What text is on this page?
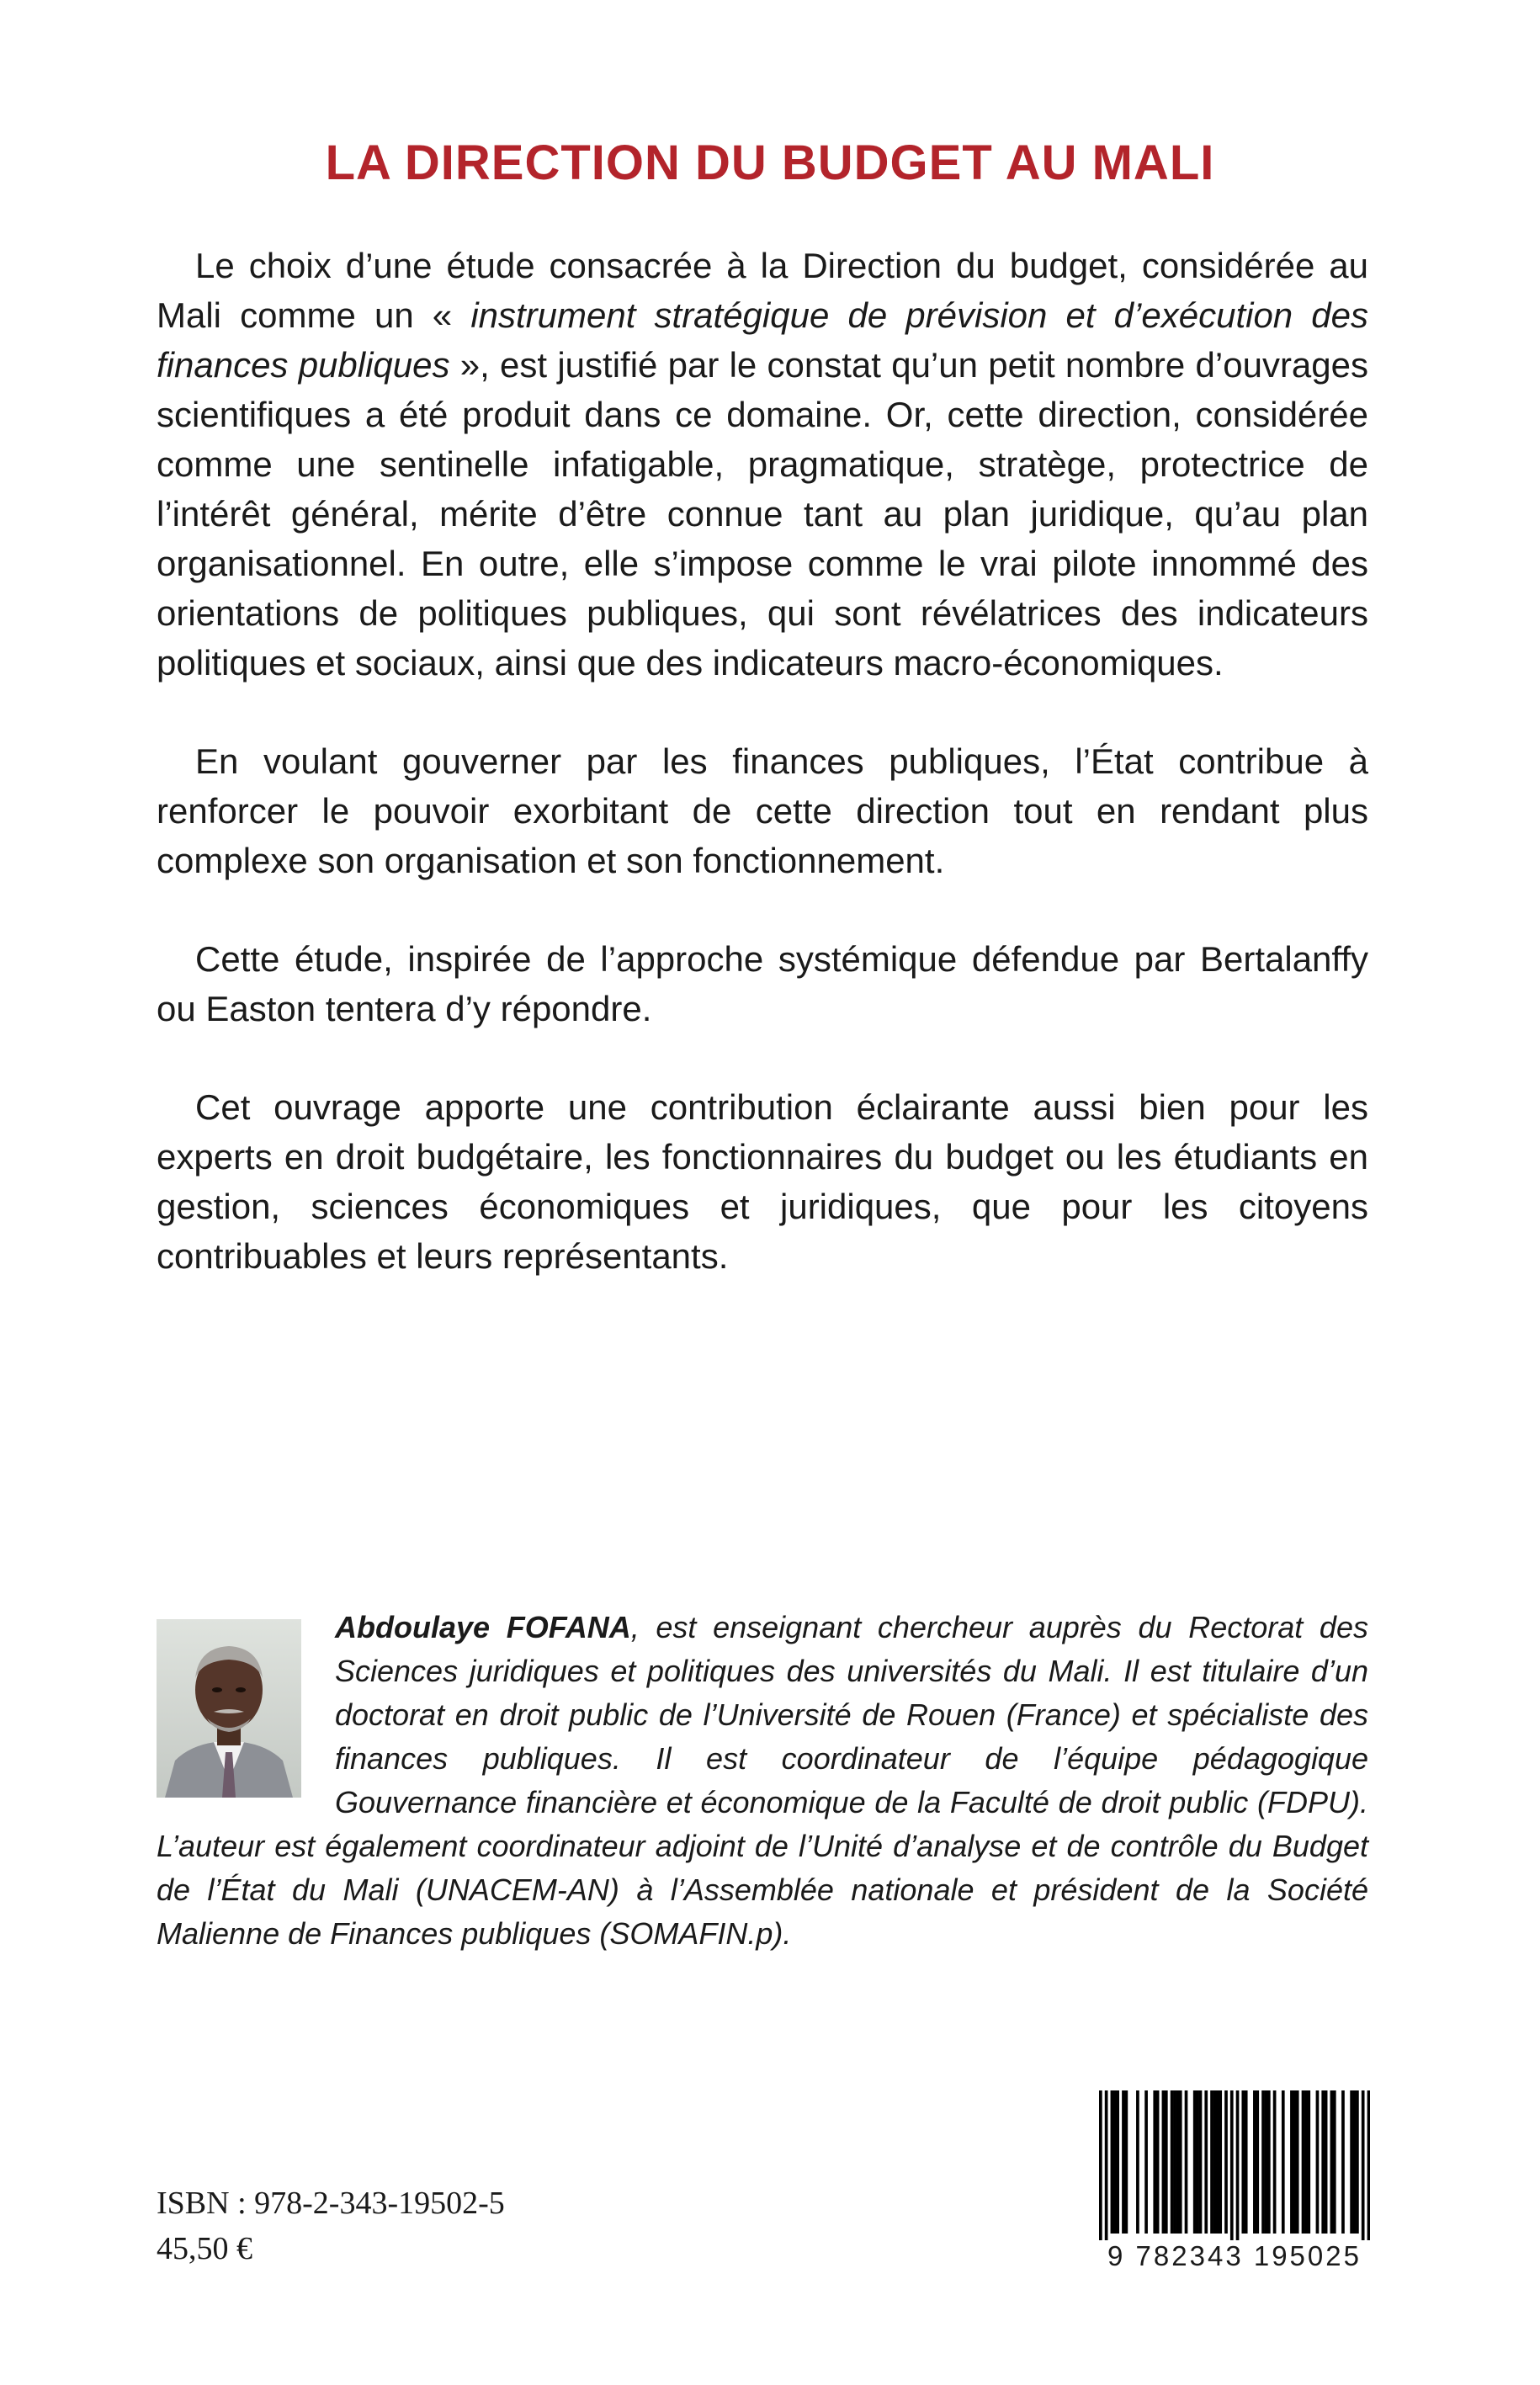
LA DIRECTION DU BUDGET AU MALI

Le choix d’une étude consacrée à la Direction du budget, considérée au Mali comme un « instrument stratégique de prévision et d’exécution des finances publiques », est justifié par le constat qu’un petit nombre d’ouvrages scientifiques a été produit dans ce domaine. Or, cette direction, considérée comme une sentinelle infatigable, pragmatique, stratège, protectrice de l’intérêt général, mérite d’être connue tant au plan juridique, qu’au plan organisationnel. En outre, elle s’impose comme le vrai pilote innommé des orientations de politiques publiques, qui sont révélatrices des indicateurs politiques et sociaux, ainsi que des indicateurs macro-économiques.

En voulant gouverner par les finances publiques, l’État contribue à renforcer le pouvoir exorbitant de cette direction tout en rendant plus complexe son organisation et son fonctionnement.

Cette étude, inspirée de l’approche systémique défendue par Bertalanffy ou Easton tentera d’y répondre.

Cet ouvrage apporte une contribution éclairante aussi bien pour les experts en droit budgétaire, les fonctionnaires du budget ou les étudiants en gestion, sciences économiques et juridiques, que pour les citoyens contribuables et leurs représentants.

Abdoulaye FOFANA, est enseignant chercheur auprès du Rectorat des Sciences juridiques et politiques des universités du Mali. Il est titulaire d’un doctorat en droit public de l’Université de Rouen (France) et spécialiste des finances publiques. Il est coordinateur de l’équipe pédagogique Gouvernance financière et économique de la Faculté de droit public (FDPU). L’auteur est également coordinateur adjoint de l’Unité d’analyse et de contrôle du Budget de l’État du Mali (UNACEM-AN) à l’Assemblée nationale et président de la Société Malienne de Finances publiques (SOMAFIN.p).

ISBN : 978-2-343-19502-5

45,50 €	9 782343 195025
